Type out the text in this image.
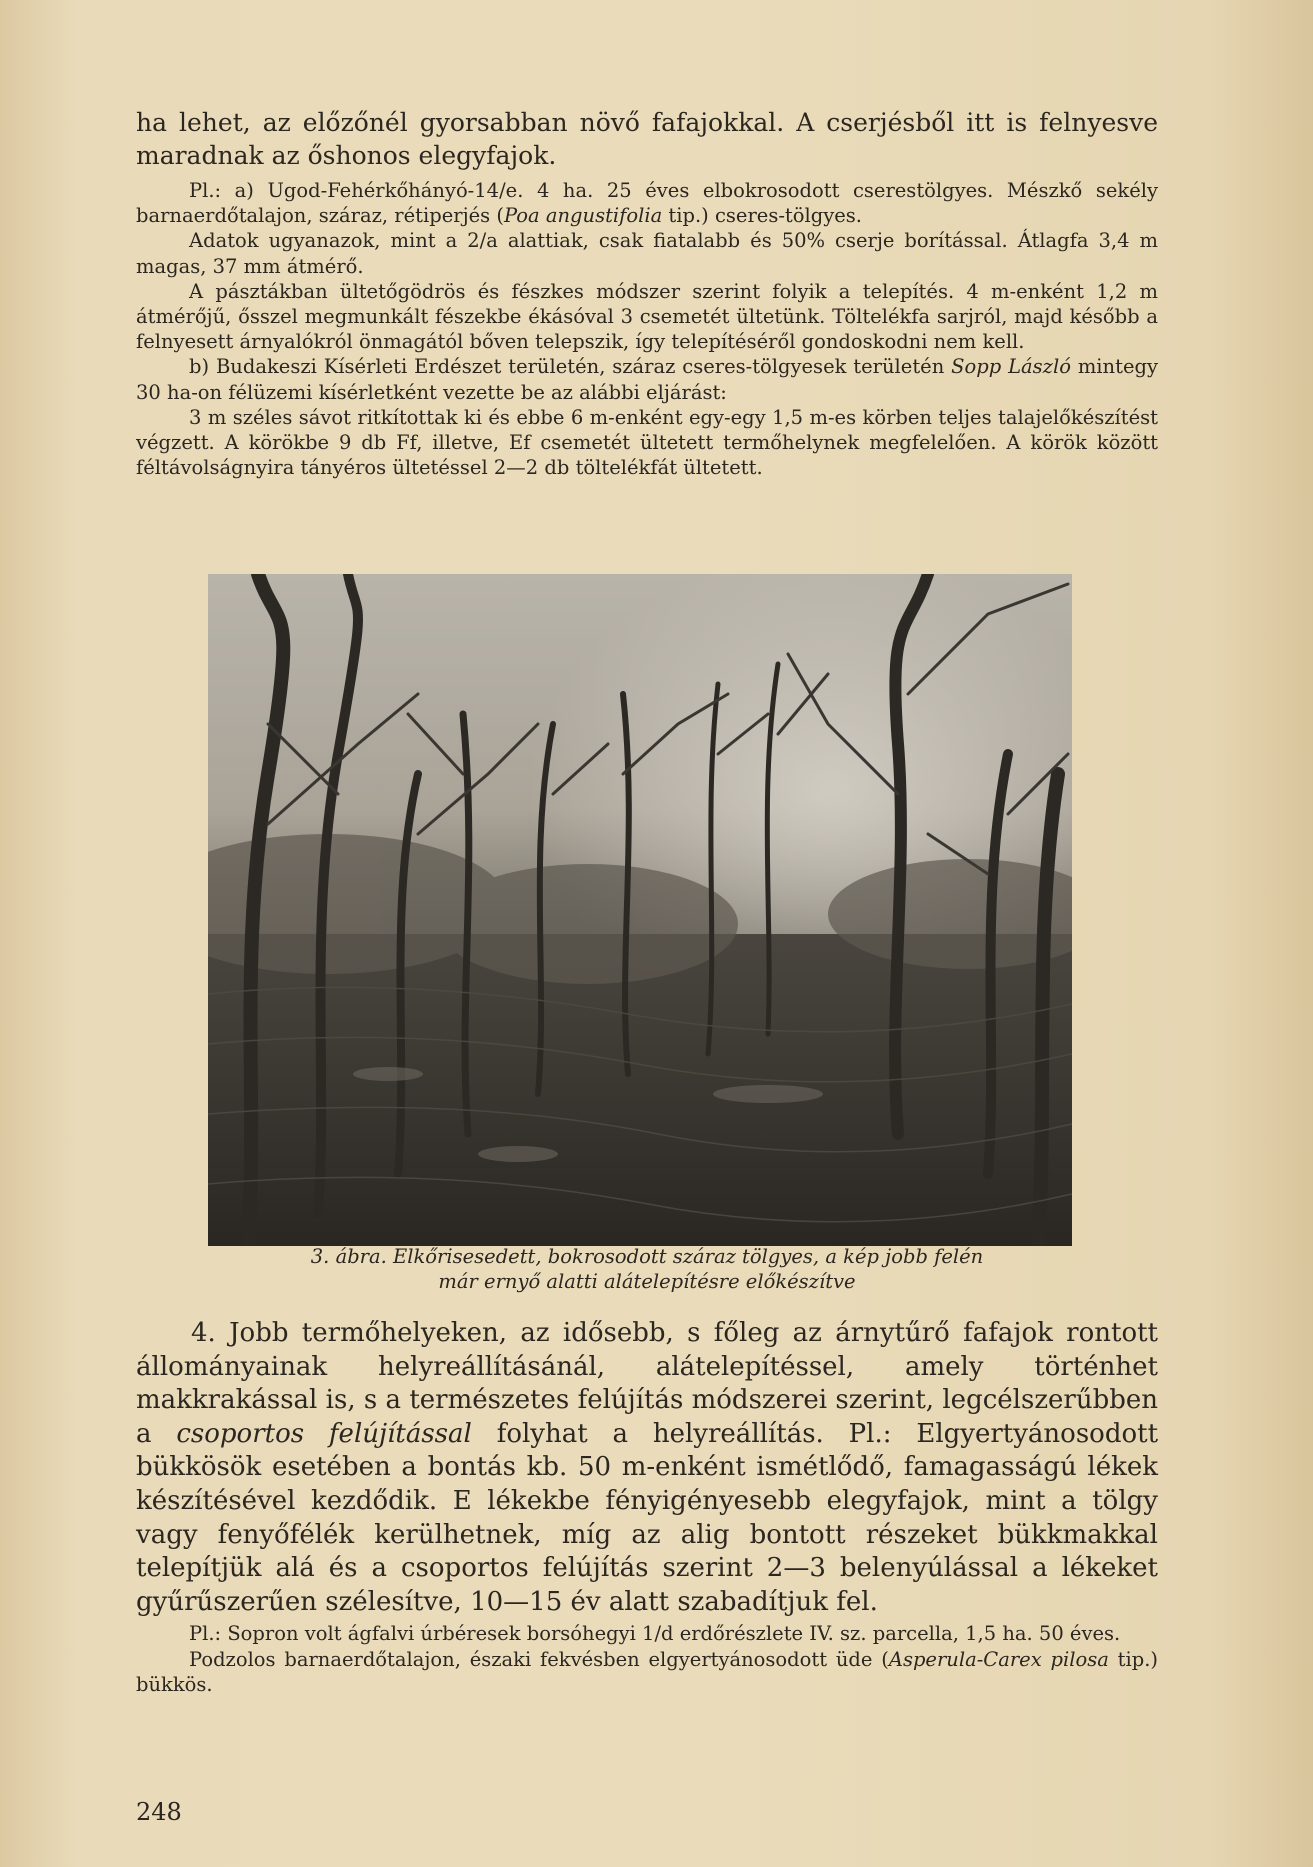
ha lehet, az előzőnél gyorsabban növő fafajokkal. A cserjésből itt is felnyesve maradnak az őshonos elegyfajok.

Pl.: a) Ugod-Fehérkőhányó-14/e. 4 ha. 25 éves elbokrosodott cserestölgyes. Mészkő sekély barnaerdőtalajon, száraz, rétiperjés (Poa angustifolia tip.) cseres-tölgyes.

Adatok ugyanazok, mint a 2/a alattiak, csak fiatalabb és 50% cserje borítással. Átlagfa 3,4 m magas, 37 mm átmérő.

A pásztákban ültetőgödrös és fészkes módszer szerint folyik a telepítés. 4 m-enként 1,2 m átmérőjű, ősszel megmunkált fészekbe ékásóval 3 csemetét ültetünk. Töltelékfa sarjról, majd később a felnyesett árnyalókról önmagától bőven telepszik, így telepítéséről gondoskodni nem kell.

b) Budakeszi Kísérleti Erdészet területén, száraz cseres-tölgyesek területén Sopp László mintegy 30 ha-on félüzemi kísérletként vezette be az alábbi eljárást:

3 m széles sávot ritkítottak ki és ebbe 6 m-enként egy-egy 1,5 m-es körben teljes talajelőkészítést végzett. A körökbe 9 db Ff, illetve, Ef csemetét ültetett termőhelynek megfelelően. A körök között féltávolságnyira tányéros ültetéssel 2—2 db töltelékfát ültetett.

3. ábra. Elkőrisesedett, bokrosodott száraz tölgyes, a kép jobb felén
már ernyő alatti alátelepítésre előkészítve

4. Jobb termőhelyeken, az idősebb, s főleg az árnytűrő fafajok rontott állományainak helyreállításánál, alátelepítéssel, amely történhet makkrakással is, s a természetes felújítás módszerei szerint, legcélszerűbben a csoportos felújítással folyhat a helyreállítás. Pl.: Elgyertyánosodott bükkösök esetében a bontás kb. 50 m-enként ismétlődő, famagasságú lékek készítésével kezdődik. E lékekbe fényigényesebb elegyfajok, mint a tölgy vagy fenyőfélék kerülhetnek, míg az alig bontott részeket bükkmakkal telepítjük alá és a csoportos felújítás szerint 2—3 belenyúlással a lékeket gyűrűszerűen szélesítve, 10—15 év alatt szabadítjuk fel.

Pl.: Sopron volt ágfalvi úrbéresek borsóhegyi 1/d erdőrészlete IV. sz. parcella, 1,5 ha. 50 éves.

Podzolos barnaerdőtalajon, északi fekvésben elgyertyánosodott üde (Asperula-Carex pilosa tip.) bükkös.

248
